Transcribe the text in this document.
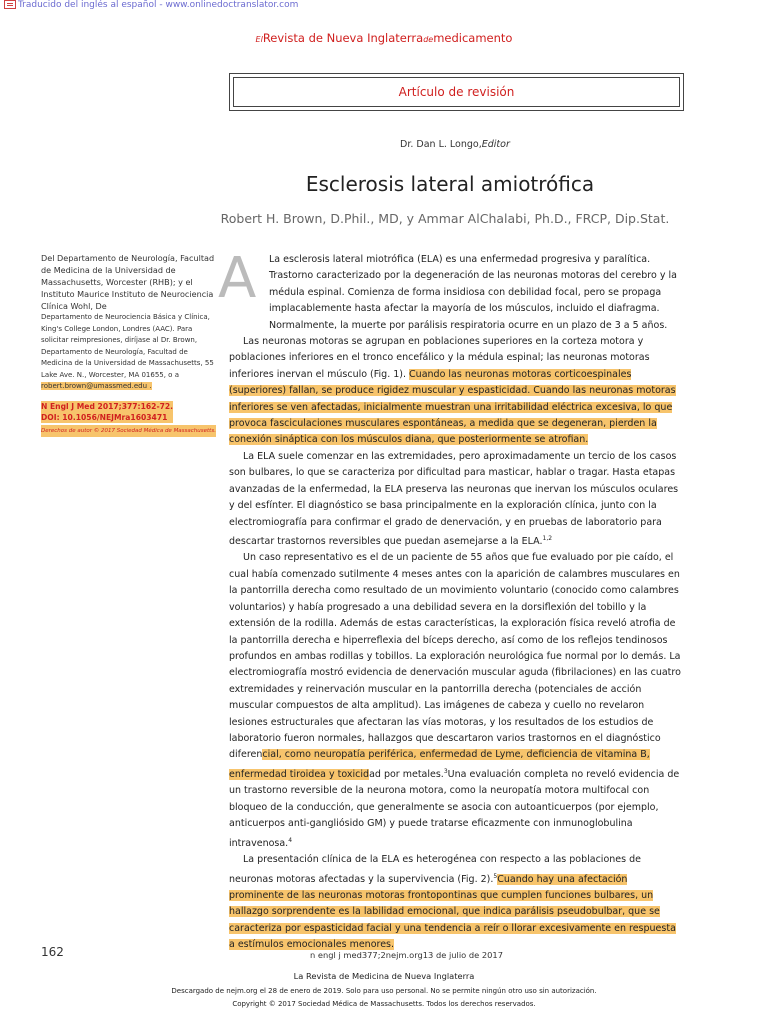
Traducido del inglés al español - www.onlinedoctranslator.com
ElRevista de Nueva Inglaterrademedicamento
Artículo de revisión
Dr. Dan L. Longo,Editor
Esclerosis lateral amiotrófica
Robert H. Brown, D.Phil., MD, y Ammar AlChalabi, Ph.D., FRCP, Dip.Stat.
Del Departamento de Neurología, Facultad de Medicina de la Universidad de Massachusetts, Worcester (RHB); y el Instituto Maurice Instituto de Neurociencia Clínica Wohl, De
Departamento de Neurociencia Básica y Clínica, King's College London, Londres (AAC). Para solicitar reimpresiones, diríjase al Dr. Brown, Departamento de Neurología, Facultad de Medicina de la Universidad de Massachusetts, 55 Lake Ave. N., Worcester, MA 01655, o a
robert.brown@umassmed.edu .
N Engl J Med 2017;377:162-72.
DOI: 10.1056/NEJMra1603471

Derechos de autor © 2017 Sociedad Médica de Massachusetts.
A	La esclerosis lateral miotrófica (ELA) es una enfermedad progresiva y paralítica. Trastorno caracterizado por la degeneración de las neuronas motoras del cerebro y la médula espinal. Comienza de forma insidiosa con debilidad focal, pero se propaga implacablemente hasta afectar la mayoría de los músculos, incluido el diafragma. Normalmente, la muerte por parálisis respiratoria ocurre en un plazo de 3 a 5 años.

Las neuronas motoras se agrupan en poblaciones superiores en la corteza motora y poblaciones inferiores en el tronco encefálico y la médula espinal; las neuronas motoras inferiores inervan el músculo (Fig. 1). Cuando las neuronas motoras corticoespinales (superiores) fallan, se produce rigidez muscular y espasticidad. Cuando las neuronas motoras inferiores se ven afectadas, inicialmente muestran una irritabilidad eléctrica excesiva, lo que provoca fasciculaciones musculares espontáneas, a medida que se degeneran, pierden la conexión sináptica con los músculos diana, que posteriormente se atrofian.

La ELA suele comenzar en las extremidades, pero aproximadamente un tercio de los casos son bulbares, lo que se caracteriza por dificultad para masticar, hablar o tragar. Hasta etapas avanzadas de la enfermedad, la ELA preserva las neuronas que inervan los músculos oculares y del esfínter. El diagnóstico se basa principalmente en la exploración clínica, junto con la electromiografía para confirmar el grado de denervación, y en pruebas de laboratorio para descartar trastornos reversibles que puedan asemejarse a la ELA.$^{1,2}$

Un caso representativo es el de un paciente de 55 años que fue evaluado por pie caído, el cual había comenzado sutilmente 4 meses antes con la aparición de calambres musculares en la pantorrilla derecha como resultado de un movimiento voluntario (conocido como calambres voluntarios) y había progresado a una debilidad severa en la dorsiflexión del tobillo y la extensión de la rodilla. Además de estas características, la exploración física reveló atrofia de la pantorrilla derecha e hiperreflexia del bíceps derecho, así como de los reflejos tendinosos profundos en ambas rodillas y tobillos. La exploración neurológica fue normal por lo demás. La electromiografía mostró evidencia de denervación muscular aguda (fibrilaciones) en las cuatro extremidades y reinervación muscular en la pantorrilla derecha (potenciales de acción muscular compuestos de alta amplitud). Las imágenes de cabeza y cuello no revelaron lesiones estructurales que afectaran las vías motoras, y los resultados de los estudios de laboratorio fueron normales, hallazgos que descartaron varios trastornos en el diagnóstico diferencial, como neuropatía periférica, enfermedad de Lyme, deficiencia de vitamina B, enfermedad tiroidea y toxicidad por metales.$^3$Una evaluación completa no reveló evidencia de un trastorno reversible de la neurona motora, como la neuropatía motora multifocal con bloqueo de la conducción, que generalmente se asocia con autoanticuerpos (por ejemplo, anticuerpos anti-gangliósido GM) y puede tratarse eficazmente con inmunoglobulina intravenosa.$^4$

La presentación clínica de la ELA es heterogénea con respecto a las poblaciones de neuronas motoras afectadas y la supervivencia (Fig. 2).$^5$Cuando hay una afectación prominente de las neuronas motoras frontopontinas que cumplen funciones bulbares, un hallazgo sorprendente es la labilidad emocional, que indica parálisis pseudobulbar, que se caracteriza por espasticidad facial y una tendencia a reír o llorar excesivamente en respuesta a estímulos emocionales menores.

162	n engl j med377;2nejm.org13 de julio de 2017
La Revista de Medicina de Nueva Inglaterra
Descargado de nejm.org el 28 de enero de 2019. Solo para uso personal. No se permite ningún otro uso sin autorización.
Copyright © 2017 Sociedad Médica de Massachusetts. Todos los derechos reservados.
